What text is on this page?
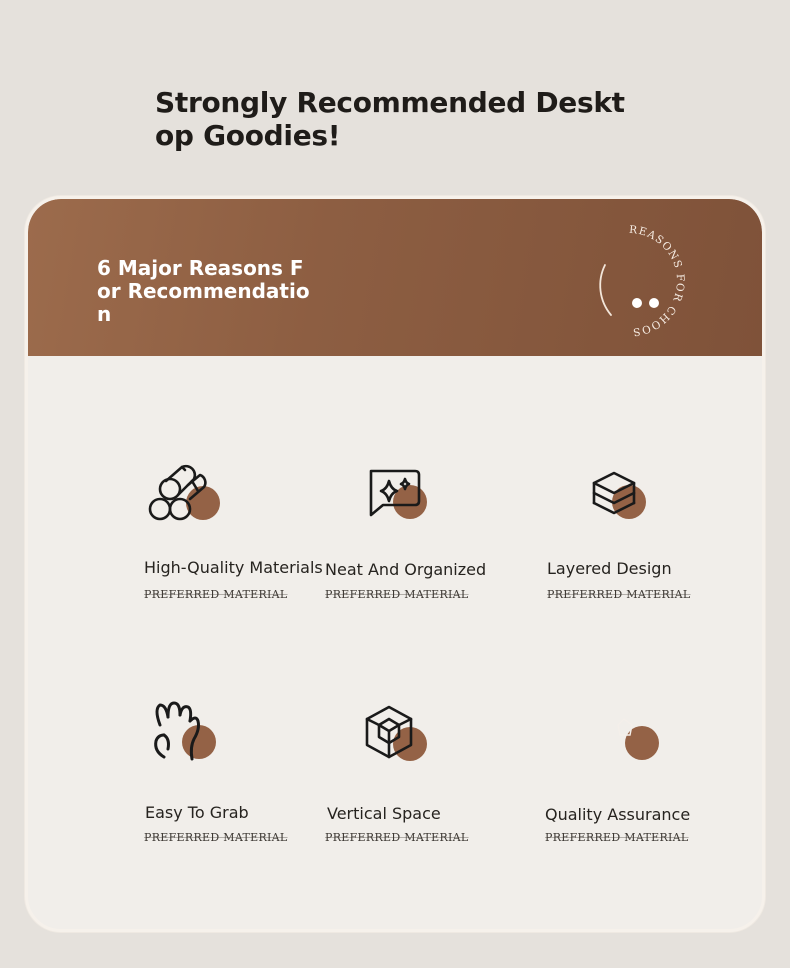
Strongly Recommended Desktop Goodies!
6 Major Reasons For Recommendation
REASONS FOR CHOOS
High-Quality Materials
PREFERRED MATERIAL
Neat And Organized
PREFERRED MATERIAL
Layered Design
PREFERRED MATERIAL
Easy To Grab
PREFERRED MATERIAL
Vertical Space
PREFERRED MATERIAL
Quality Assurance
PREFERRED MATERIAL
